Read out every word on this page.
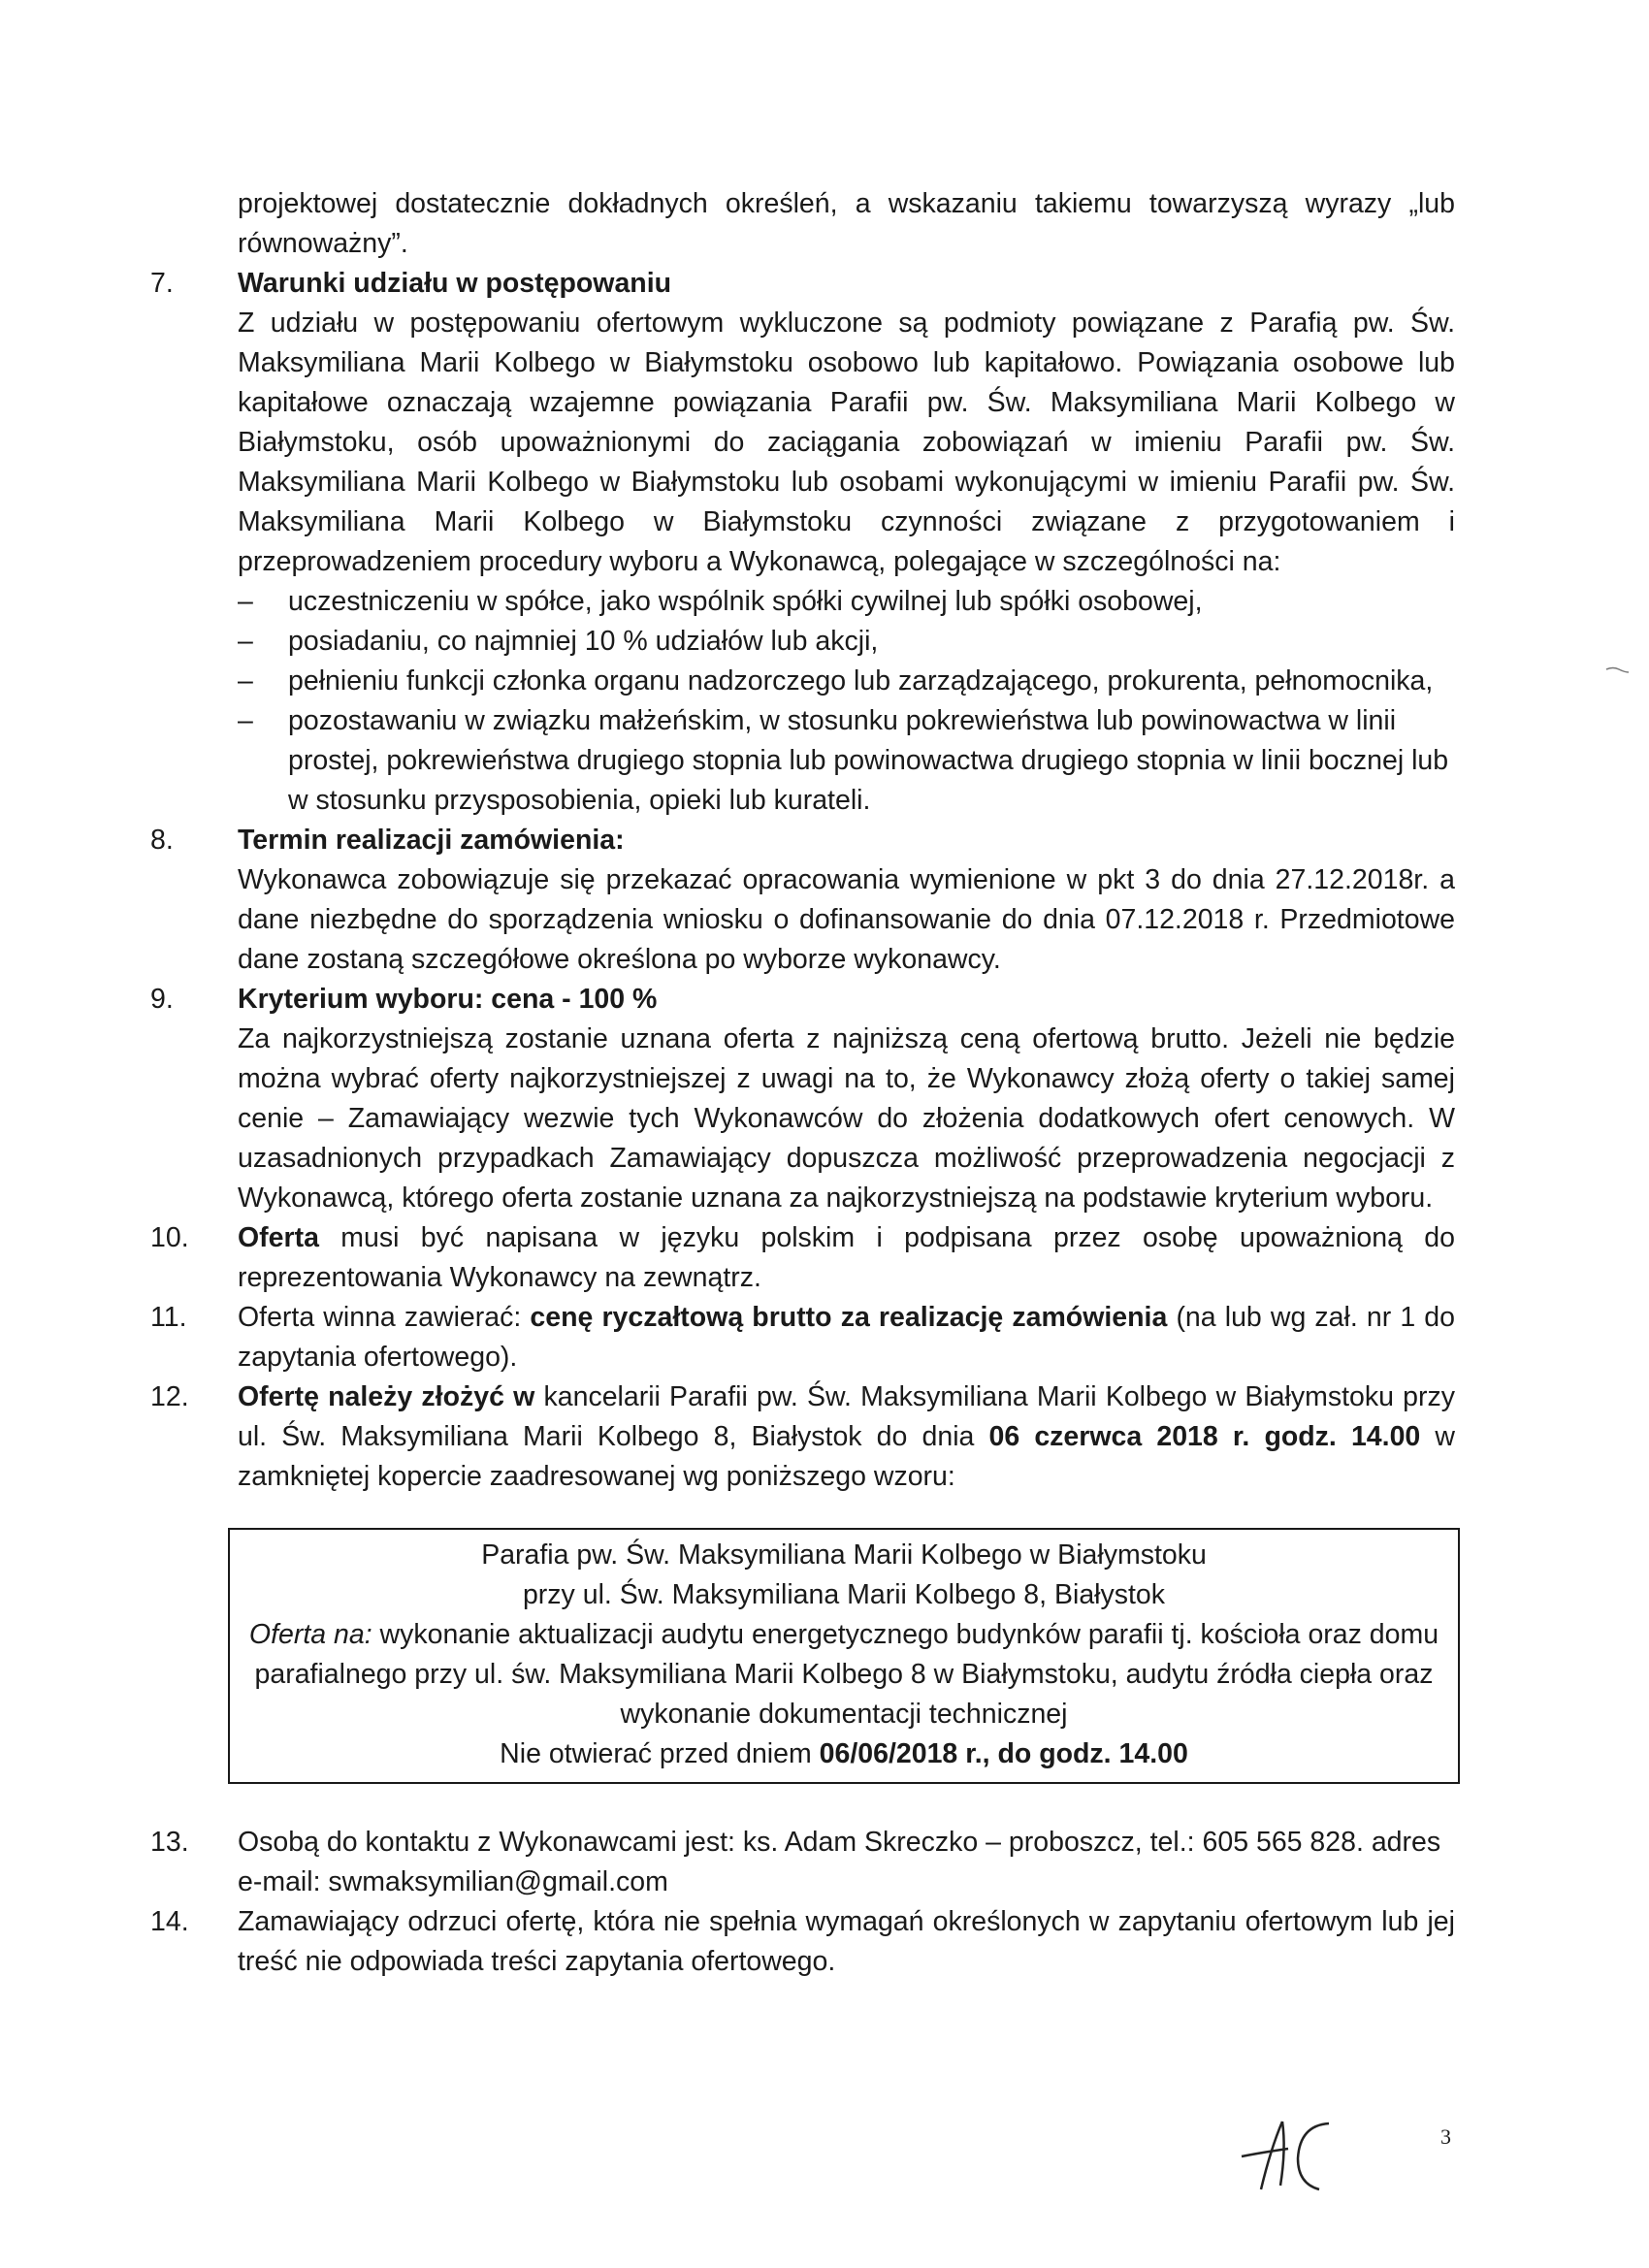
projektowej dostatecznie dokładnych określeń, a wskazaniu takiemu towarzyszą wyrazy „lub równoważny”.
7.	Warunki udziału w postępowaniu
Z udziału w postępowaniu ofertowym wykluczone są podmioty powiązane z Parafią pw. Św. Maksymiliana Marii Kolbego w Białymstoku osobowo lub kapitałowo. Powiązania osobowe lub kapitałowe oznaczają wzajemne powiązania Parafii pw. Św. Maksymiliana Marii Kolbego w Białymstoku, osób upoważnionymi do zaciągania zobowiązań w imieniu Parafii pw. Św. Maksymiliana Marii Kolbego w Białymstoku lub osobami wykonującymi w imieniu Parafii pw. Św. Maksymiliana Marii Kolbego w Białymstoku czynności związane z przygotowaniem i przeprowadzeniem procedury wyboru a Wykonawcą, polegające w szczególności na:
– uczestniczeniu w spółce, jako wspólnik spółki cywilnej lub spółki osobowej,
– posiadaniu, co najmniej 10 % udziałów lub akcji,
– pełnieniu funkcji członka organu nadzorczego lub zarządzającego, prokurenta, pełnomocnika,
– pozostawaniu w związku małżeńskim, w stosunku pokrewieństwa lub powinowactwa w linii prostej, pokrewieństwa drugiego stopnia lub powinowactwa drugiego stopnia w linii bocznej lub w stosunku przysposobienia, opieki lub kurateli.
8.	Termin realizacji zamówienia:
Wykonawca zobowiązuje się przekazać opracowania wymienione w pkt 3 do dnia 27.12.2018r. a dane niezbędne do sporządzenia wniosku o dofinansowanie do dnia 07.12.2018 r. Przedmiotowe dane zostaną szczegółowe określona po wyborze wykonawcy.
9.	Kryterium wyboru: cena - 100 %
Za najkorzystniejszą zostanie uznana oferta z najniższą ceną ofertową brutto. Jeżeli nie będzie można wybrać oferty najkorzystniejszej z uwagi na to, że Wykonawcy złożą oferty o takiej samej cenie – Zamawiający wezwie tych Wykonawców do złożenia dodatkowych ofert cenowych. W uzasadnionych przypadkach Zamawiający dopuszcza możliwość przeprowadzenia negocjacji z Wykonawcą, którego oferta zostanie uznana za najkorzystniejszą na podstawie kryterium wyboru.
10.	Oferta musi być napisana w języku polskim i podpisana przez osobę upoważnioną do reprezentowania Wykonawcy na zewnątrz.
11.	Oferta winna zawierać: cenę ryczałtową brutto za realizację zamówienia (na lub wg zał. nr 1 do zapytania ofertowego).
12.	Ofertę należy złożyć w kancelarii Parafii pw. Św. Maksymiliana Marii Kolbego w Białymstoku przy ul. Św. Maksymiliana Marii Kolbego 8, Białystok do dnia 06 czerwca 2018 r. godz. 14.00 w zamkniętej kopercie zaadresowanej wg poniższego wzoru:
Parafia pw. Św. Maksymiliana Marii Kolbego w Białymstoku
przy ul. Św. Maksymiliana Marii Kolbego 8, Białystok
Oferta na: wykonanie aktualizacji audytu energetycznego budynków parafii tj. kościoła oraz domu parafialnego przy ul. św. Maksymiliana Marii Kolbego 8 w Białymstoku, audytu źródła ciepła oraz wykonanie dokumentacji technicznej
Nie otwierać przed dniem 06/06/2018 r., do godz. 14.00
13.	Osobą do kontaktu z Wykonawcami jest: ks. Adam Skreczko – proboszcz, tel.: 605 565 828. adres e-mail: swmaksymilian@gmail.com
14.	Zamawiający odrzuci ofertę, która nie spełnia wymagań określonych w zapytaniu ofertowym lub jej treść nie odpowiada treści zapytania ofertowego.
3
